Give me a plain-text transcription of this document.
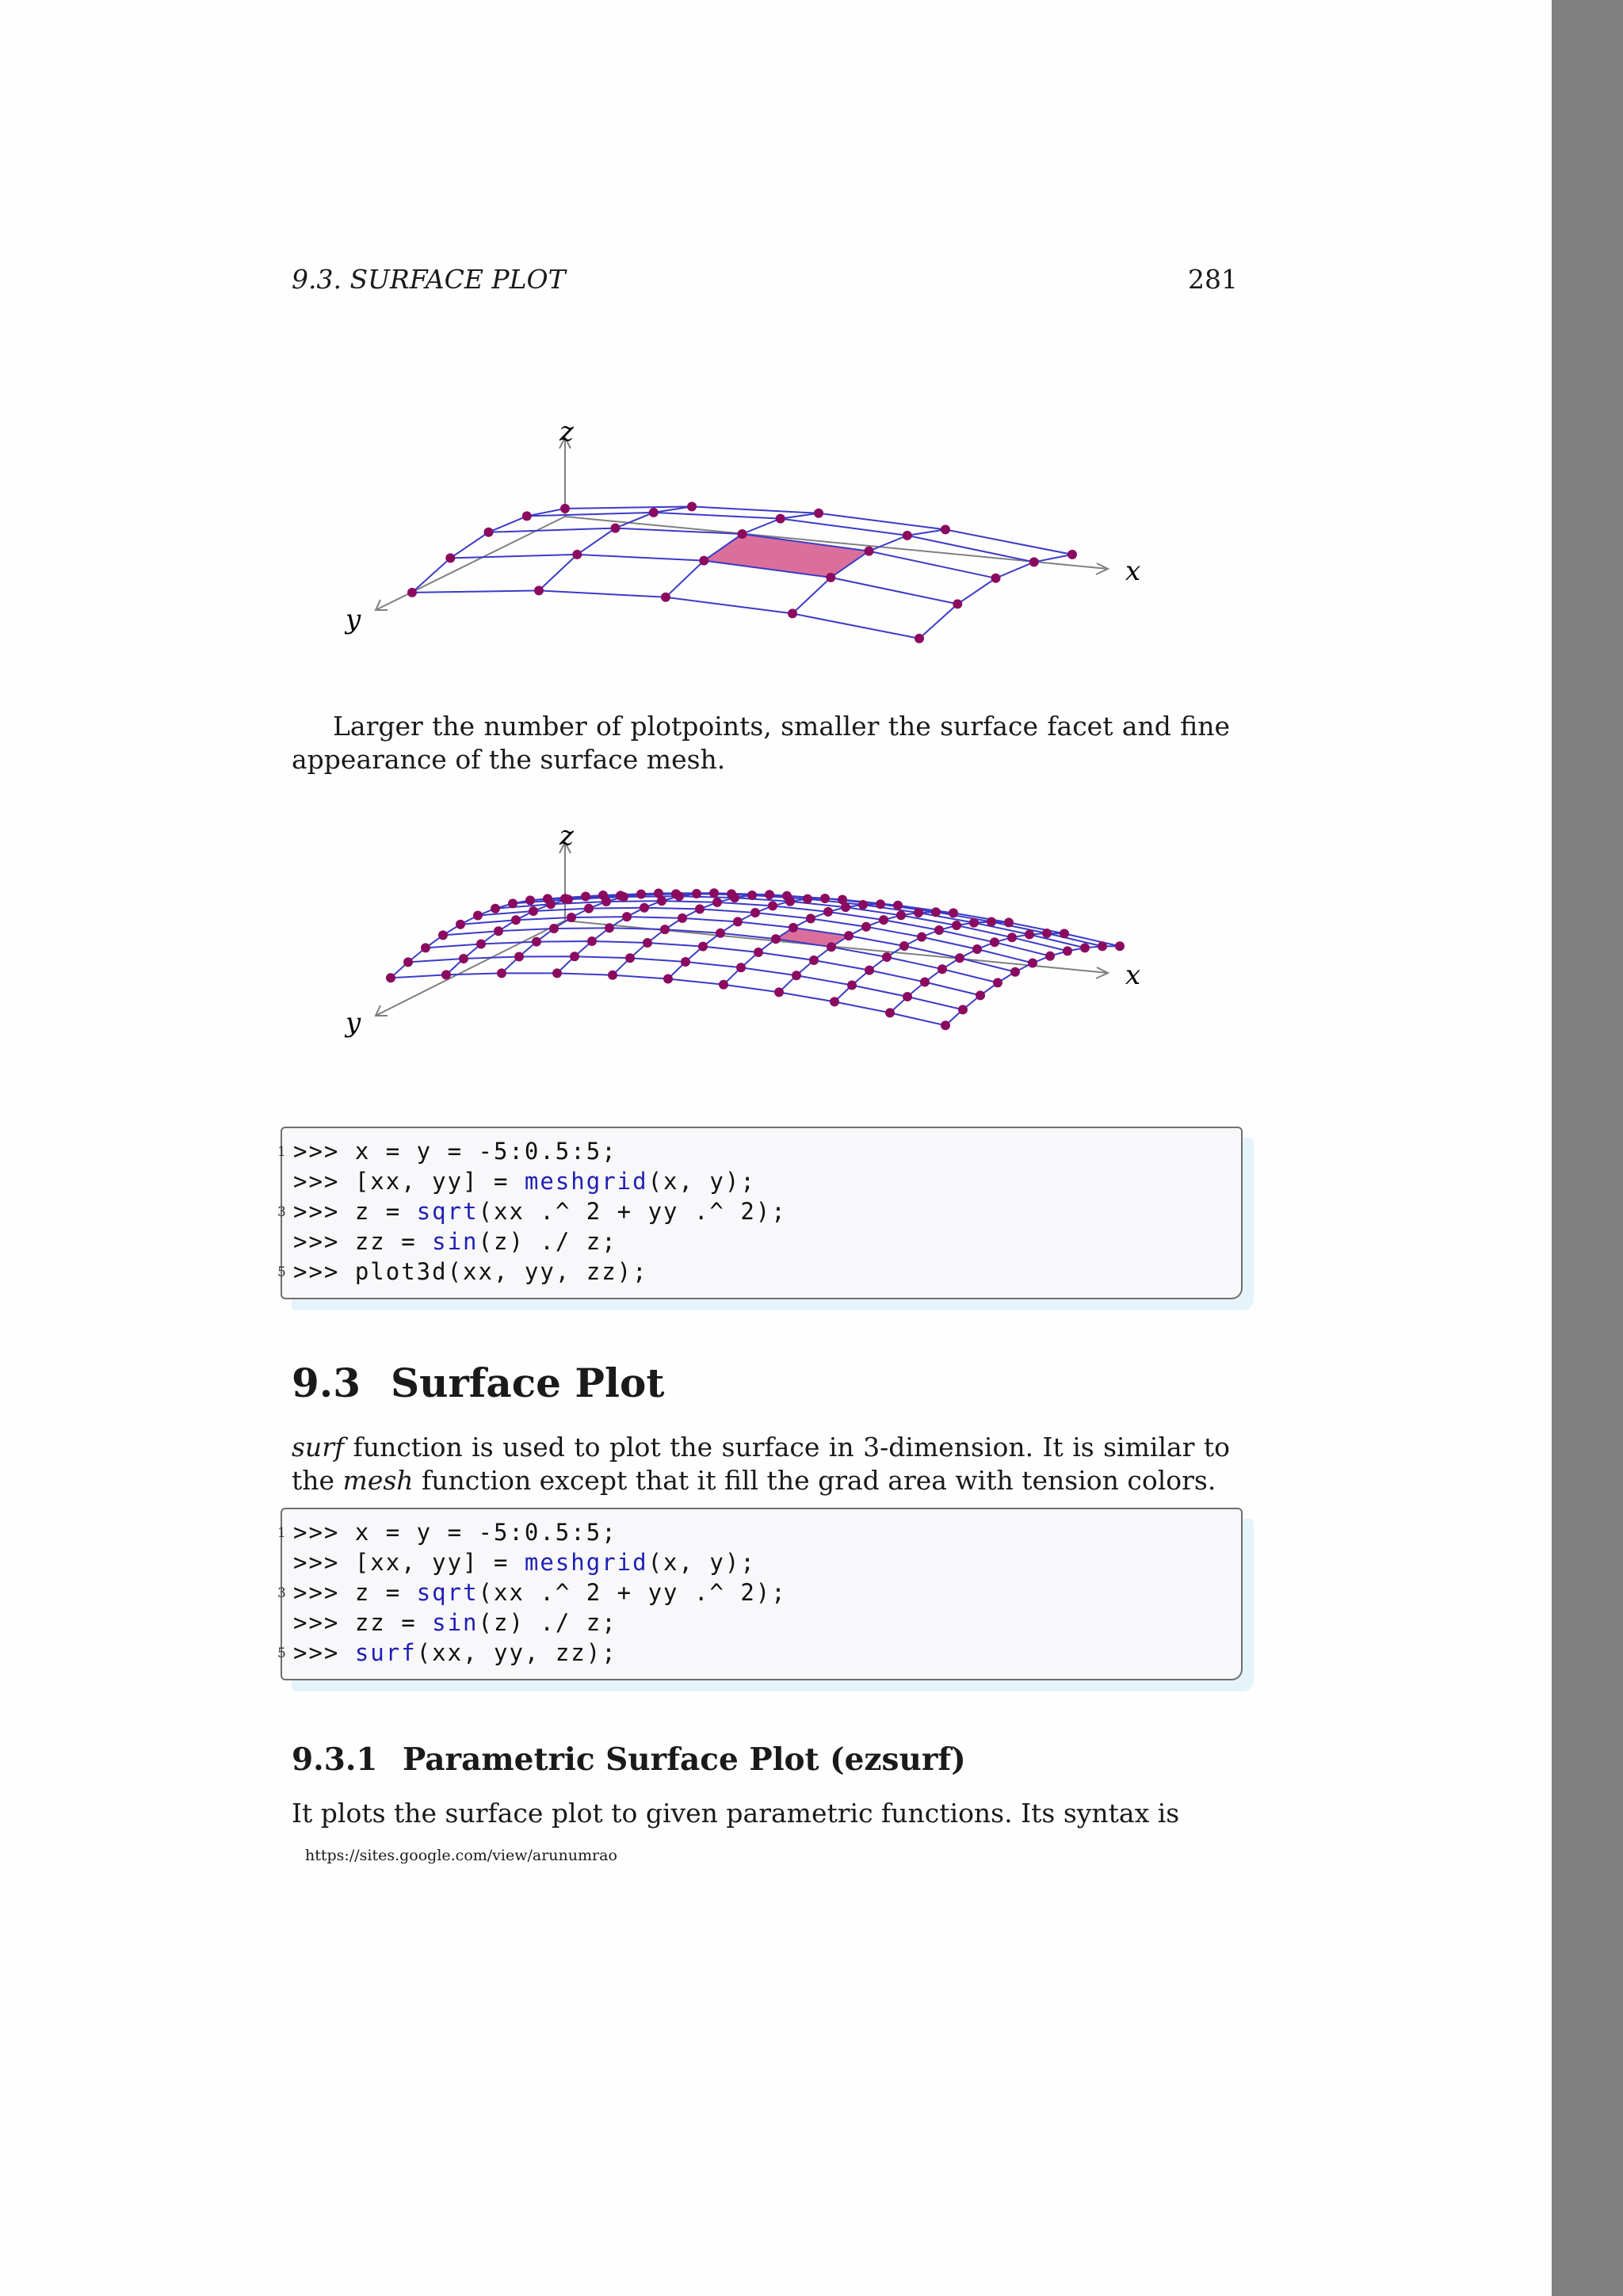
9.3. SURFACE PLOT	281
z
x
y
Larger the number of plotpoints, smaller the surface facet and fine appearance of the surface mesh.
z
x
y
1 >>> x = y = -5:0.5:5;
>>> [xx, yy] = meshgrid(x, y);
3 >>> z = sqrt(xx .^ 2 + yy .^ 2);
>>> zz = sin(z) ./ z;
5 >>> plot3d(xx, yy, zz);
9.3 Surface Plot
surf function is used to plot the surface in 3-dimension. It is similar to the mesh function except that it fill the grad area with tension colors.
1 >>> x = y = -5:0.5:5;
>>> [xx, yy] = meshgrid(x, y);
3 >>> z = sqrt(xx .^ 2 + yy .^ 2);
>>> zz = sin(z) ./ z;
5 >>> surf(xx, yy, zz);
9.3.1 Parametric Surface Plot (ezsurf)
It plots the surface plot to given parametric functions. Its syntax is
https://sites.google.com/view/arunumrao
